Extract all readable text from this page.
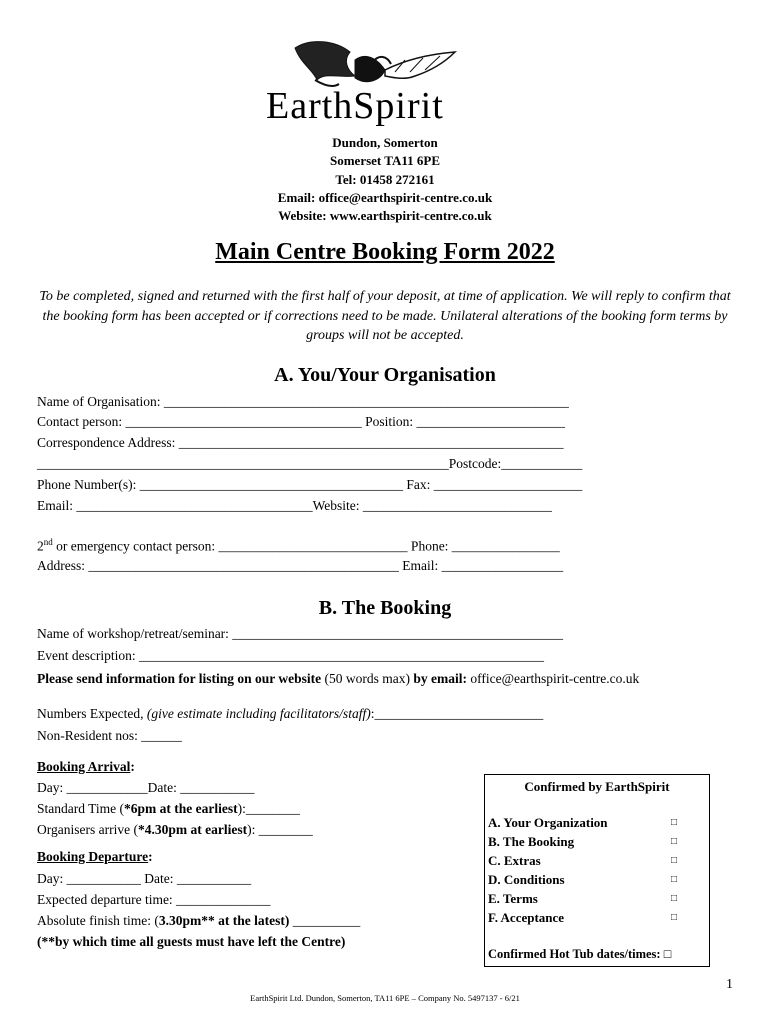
EarthSpirit
Dundon, Somerton
Somerset TA11 6PE
Tel: 01458 272161
Email: office@earthspirit-centre.co.uk
Website: www.earthspirit-centre.co.uk
Main Centre Booking Form 2022
To be completed, signed and returned with the first half of your deposit, at time of application. We will reply to confirm that the booking form has been accepted or if corrections need to be made. Unilateral alterations of the booking form terms by groups will not be accepted.
A. You/Your Organisation
Name of Organisation: ____________________________________________________________
Contact person: ___________________________________ Position: ______________________
Correspondence Address: _________________________________________________________
_____________________________________________________________Postcode:____________
Phone Number(s): _______________________________________ Fax: ______________________
Email: ___________________________________Website: ____________________________
2nd or emergency contact person: ____________________________ Phone: ________________
Address: ______________________________________________ Email: __________________
B. The Booking
Name of workshop/retreat/seminar: _________________________________________________
Event description: ____________________________________________________________
Please send information for listing on our website (50 words max) by email: office@earthspirit-centre.co.uk
Numbers Expected, (give estimate including facilitators/staff):_________________________
Non-Resident nos: ______
Booking Arrival:
Day: ____________Date: ___________
Standard Time (*6pm at the earliest):________
Organisers arrive (*4.30pm at earliest): ________
Booking Departure:
Day: ___________ Date: ___________
Expected departure time: ______________
Absolute finish time: (3.30pm** at the latest) __________
(**by which time all guests must have left the Centre)
Confirmed by EarthSpirit
A. Your Organization	□
B. The Booking	□
C. Extras	□
D. Conditions	□
E. Terms	□
F. Acceptance	□
Confirmed Hot Tub dates/times: □
1
EarthSpirit Ltd. Dundon, Somerton, TA11 6PE – Company No. 5497137 - 6/21
